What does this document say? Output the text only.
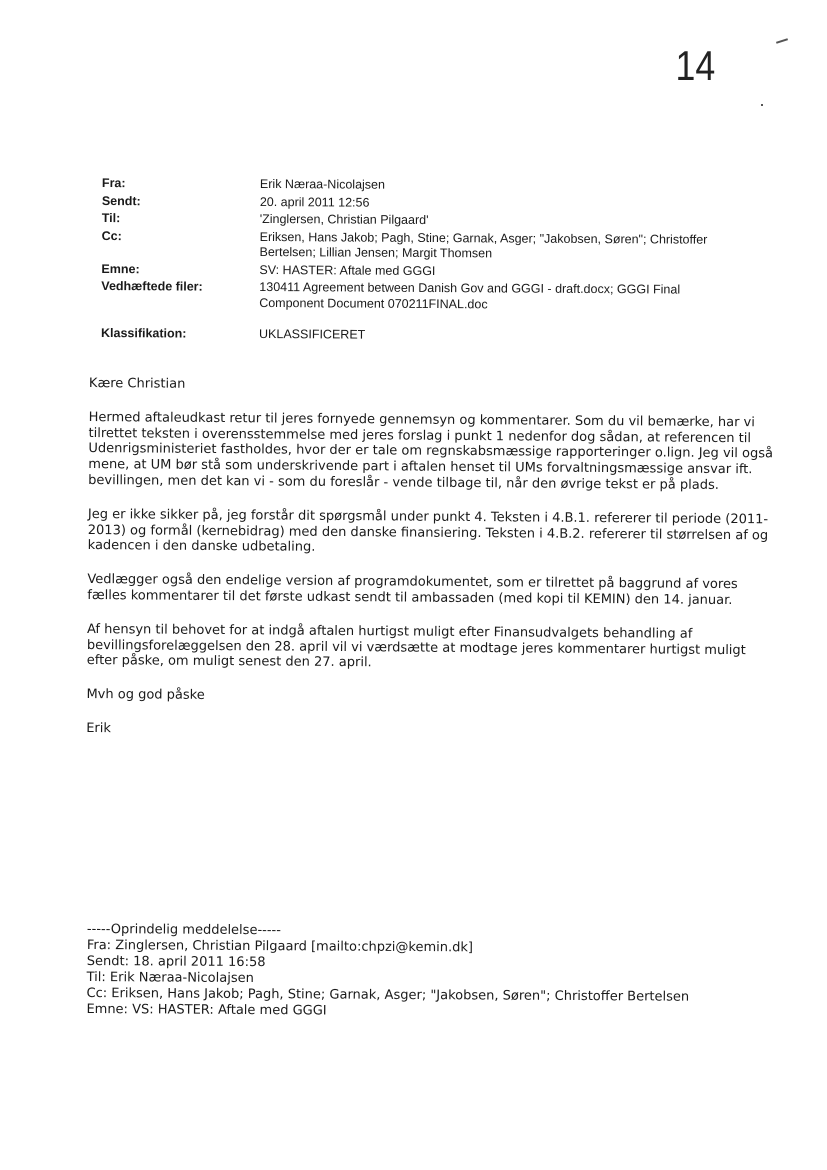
14
Fra:	Erik Næraa-Nicolajsen
Sendt:	20. april 2011 12:56
Til:	'Zinglersen, Christian Pilgaard'
Cc:	Eriksen, Hans Jakob; Pagh, Stine; Garnak, Asger; "Jakobsen, Søren"; Christoffer Bertelsen; Lillian Jensen; Margit Thomsen
Emne:	SV: HASTER: Aftale med GGGI
Vedhæftede filer:	130411 Agreement between Danish Gov and GGGI - draft.docx; GGGI Final Component Document 070211FINAL.doc
Klassifikation:	UKLASSIFICERET

Kære Christian

Hermed aftaleudkast retur til jeres fornyede gennemsyn og kommentarer. Som du vil bemærke, har vi tilrettet teksten i overensstemmelse med jeres forslag i punkt 1 nedenfor dog sådan, at referencen til Udenrigsministeriet fastholdes, hvor der er tale om regnskabsmæssige rapporteringer o.lign. Jeg vil også mene, at UM bør stå som underskrivende part i aftalen henset til UMs forvaltningsmæssige ansvar ift. bevillingen, men det kan vi - som du foreslår - vende tilbage til, når den øvrige tekst er på plads.

Jeg er ikke sikker på, jeg forstår dit spørgsmål under punkt 4. Teksten i 4.B.1. refererer til periode (2011-2013) og formål (kernebidrag) med den danske finansiering. Teksten i 4.B.2. refererer til størrelsen af og kadencen i den danske udbetaling.

Vedlægger også den endelige version af programdokumentet, som er tilrettet på baggrund af vores fælles kommentarer til det første udkast sendt til ambassaden (med kopi til KEMIN) den 14. januar.

Af hensyn til behovet for at indgå aftalen hurtigst muligt efter Finansudvalgets behandling af bevillingsforelæggelsen den 28. april vil vi værdsætte at modtage jeres kommentarer hurtigst muligt efter påske, om muligt senest den 27. april.

Mvh og god påske

Erik

-----Oprindelig meddelelse-----
Fra: Zinglersen, Christian Pilgaard [mailto:chpzi@kemin.dk]
Sendt: 18. april 2011 16:58
Til: Erik Næraa-Nicolajsen
Cc: Eriksen, Hans Jakob; Pagh, Stine; Garnak, Asger; "Jakobsen, Søren"; Christoffer Bertelsen
Emne: VS: HASTER: Aftale med GGGI
